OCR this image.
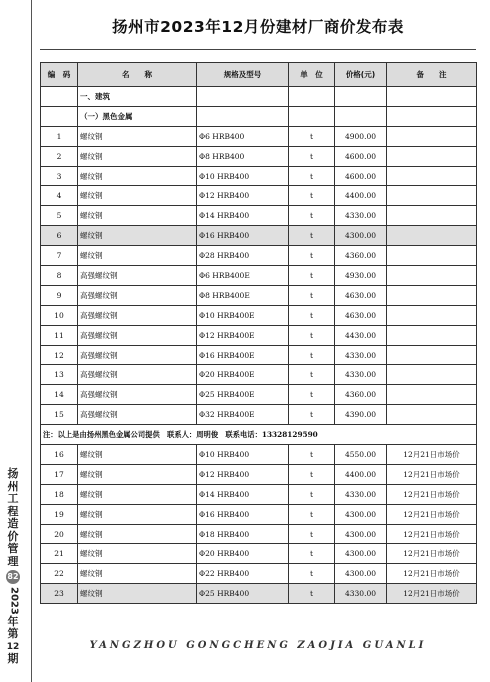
扬
州
工
程
造
价
管
理
82
2023
年
第
12
期
扬州市2023年12月份建材厂商价发布表
编　码	名　　称	规格及型号	单　位	价格(元)	备　　注
	一、建筑				
	（一）黑色金属				
1	螺纹钢	Φ6 HRB400	t	4900.00	
2	螺纹钢	Φ8 HRB400	t	4600.00	
3	螺纹钢	Φ10 HRB400	t	4600.00	
4	螺纹钢	Φ12 HRB400	t	4400.00	
5	螺纹钢	Φ14 HRB400	t	4330.00	
6	螺纹钢	Φ16 HRB400	t	4300.00	
7	螺纹钢	Φ28 HRB400	t	4360.00	
8	高强螺纹钢	Φ6 HRB400E	t	4930.00	
9	高强螺纹钢	Φ8 HRB400E	t	4630.00	
10	高强螺纹钢	Φ10 HRB400E	t	4630.00	
11	高强螺纹钢	Φ12 HRB400E	t	4430.00	
12	高强螺纹钢	Φ16 HRB400E	t	4330.00	
13	高强螺纹钢	Φ20 HRB400E	t	4330.00	
14	高强螺纹钢	Φ25 HRB400E	t	4360.00	
15	高强螺纹钢	Φ32 HRB400E	t	4390.00	
注：以上是由扬州黑色金属公司提供　联系人：周明俊　联系电话：13328129590					
16	螺纹钢	Φ10 HRB400	t	4550.00	12月21日市场价
17	螺纹钢	Φ12 HRB400	t	4400.00	12月21日市场价
18	螺纹钢	Φ14 HRB400	t	4330.00	12月21日市场价
19	螺纹钢	Φ16 HRB400	t	4300.00	12月21日市场价
20	螺纹钢	Φ18 HRB400	t	4300.00	12月21日市场价
21	螺纹钢	Φ20 HRB400	t	4300.00	12月21日市场价
22	螺纹钢	Φ22 HRB400	t	4300.00	12月21日市场价
23	螺纹钢	Φ25 HRB400	t	4330.00	12月21日市场价
YANGZHOU GONGCHENG ZAOJIA GUANLI
